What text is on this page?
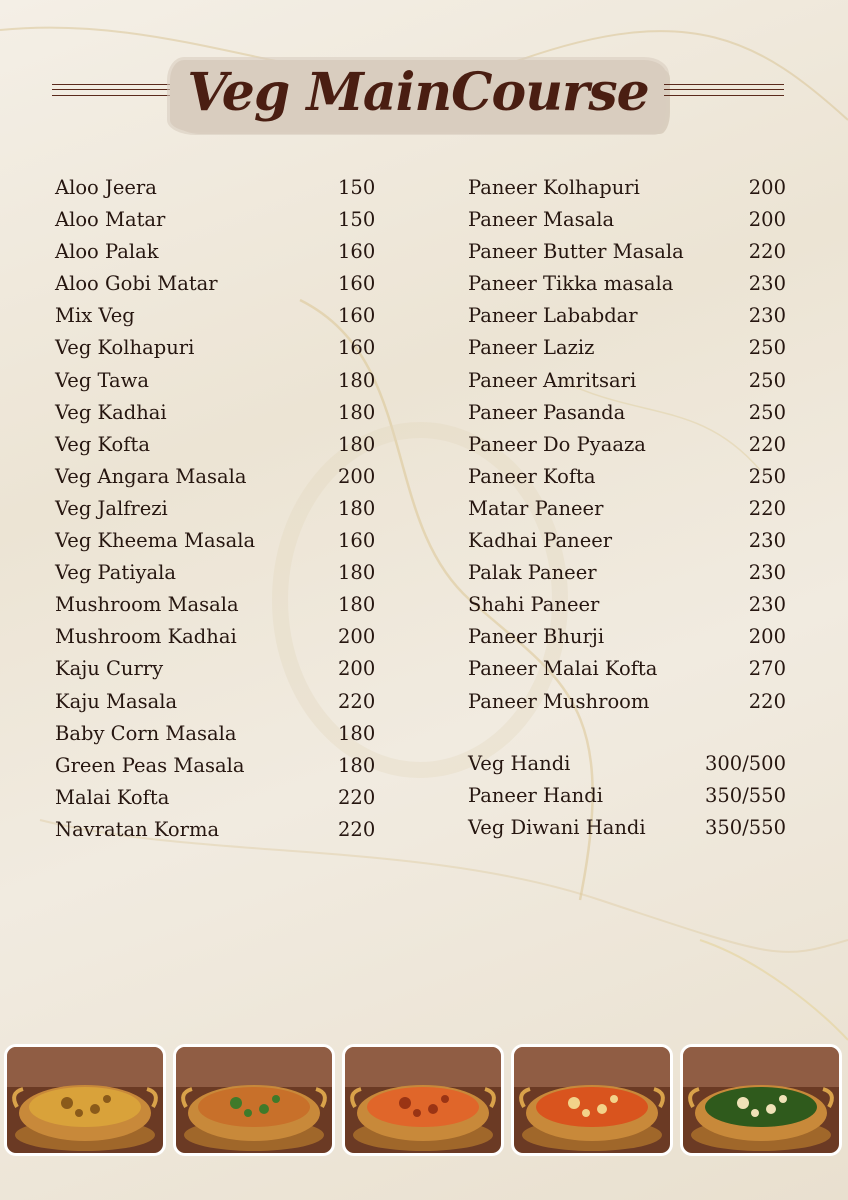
Veg MainCourse
Aloo Jeera	150
Aloo Matar	150
Aloo Palak	160
Aloo Gobi Matar	160
Mix Veg	160
Veg Kolhapuri	160
Veg Tawa	180
Veg Kadhai	180
Veg Kofta	180
Veg Angara Masala	200
Veg Jalfrezi	180
Veg Kheema Masala	160
Veg Patiyala	180
Mushroom Masala	180
Mushroom Kadhai	200
Kaju Curry	200
Kaju Masala	220
Baby Corn Masala	180
Green Peas Masala	180
Malai Kofta	220
Navratan Korma	220
Paneer Kolhapuri	200
Paneer Masala	200
Paneer Butter Masala	220
Paneer Tikka masala	230
Paneer Lababdar	230
Paneer Laziz	250
Paneer Amritsari	250
Paneer Pasanda	250
Paneer Do Pyaaza	220
Paneer Kofta	250
Matar Paneer	220
Kadhai Paneer	230
Palak Paneer	230
Shahi Paneer	230
Paneer Bhurji	200
Paneer Malai Kofta	270
Paneer Mushroom	220
Veg Handi	300/500
Paneer Handi	350/550
Veg Diwani Handi	350/550
